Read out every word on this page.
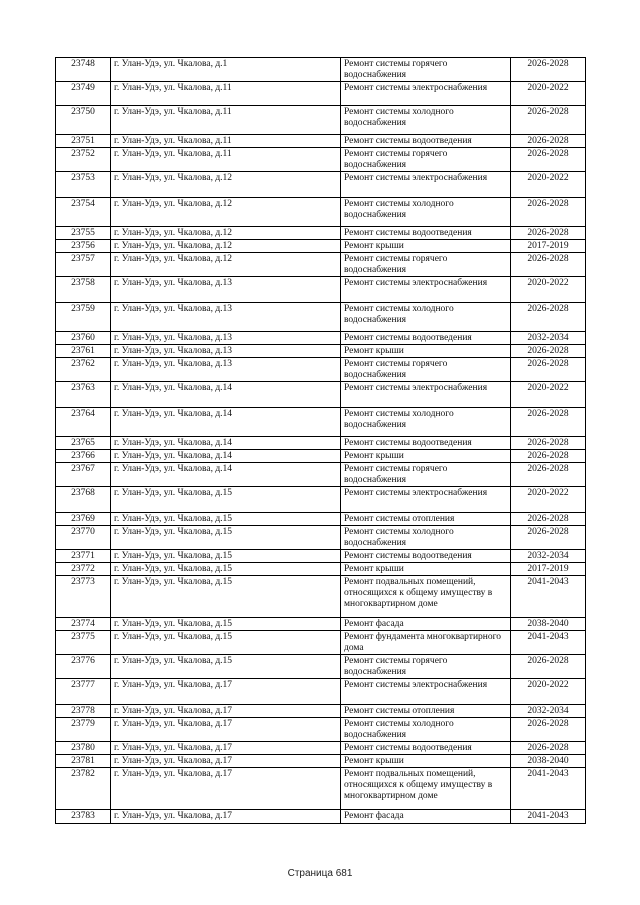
23748	г. Улан-Удэ, ул. Чкалова, д.1	Ремонт системы горячего водоснабжения	2026-2028
23749	г. Улан-Удэ, ул. Чкалова, д.11	Ремонт системы электроснабжения	2020-2022
23750	г. Улан-Удэ, ул. Чкалова, д.11	Ремонт системы холодного водоснабжения	2026-2028
23751	г. Улан-Удэ, ул. Чкалова, д.11	Ремонт системы водоотведения	2026-2028
23752	г. Улан-Удэ, ул. Чкалова, д.11	Ремонт системы горячего водоснабжения	2026-2028
23753	г. Улан-Удэ, ул. Чкалова, д.12	Ремонт системы электроснабжения	2020-2022
23754	г. Улан-Удэ, ул. Чкалова, д.12	Ремонт системы холодного водоснабжения	2026-2028
23755	г. Улан-Удэ, ул. Чкалова, д.12	Ремонт системы водоотведения	2026-2028
23756	г. Улан-Удэ, ул. Чкалова, д.12	Ремонт крыши	2017-2019
23757	г. Улан-Удэ, ул. Чкалова, д.12	Ремонт системы горячего водоснабжения	2026-2028
23758	г. Улан-Удэ, ул. Чкалова, д.13	Ремонт системы электроснабжения	2020-2022
23759	г. Улан-Удэ, ул. Чкалова, д.13	Ремонт системы холодного водоснабжения	2026-2028
23760	г. Улан-Удэ, ул. Чкалова, д.13	Ремонт системы водоотведения	2032-2034
23761	г. Улан-Удэ, ул. Чкалова, д.13	Ремонт крыши	2026-2028
23762	г. Улан-Удэ, ул. Чкалова, д.13	Ремонт системы горячего водоснабжения	2026-2028
23763	г. Улан-Удэ, ул. Чкалова, д.14	Ремонт системы электроснабжения	2020-2022
23764	г. Улан-Удэ, ул. Чкалова, д.14	Ремонт системы холодного водоснабжения	2026-2028
23765	г. Улан-Удэ, ул. Чкалова, д.14	Ремонт системы водоотведения	2026-2028
23766	г. Улан-Удэ, ул. Чкалова, д.14	Ремонт крыши	2026-2028
23767	г. Улан-Удэ, ул. Чкалова, д.14	Ремонт системы горячего водоснабжения	2026-2028
23768	г. Улан-Удэ, ул. Чкалова, д.15	Ремонт системы электроснабжения	2020-2022
23769	г. Улан-Удэ, ул. Чкалова, д.15	Ремонт системы отопления	2026-2028
23770	г. Улан-Удэ, ул. Чкалова, д.15	Ремонт системы холодного водоснабжения	2026-2028
23771	г. Улан-Удэ, ул. Чкалова, д.15	Ремонт системы водоотведения	2032-2034
23772	г. Улан-Удэ, ул. Чкалова, д.15	Ремонт крыши	2017-2019
23773	г. Улан-Удэ, ул. Чкалова, д.15	Ремонт подвальных помещений, относящихся к общему имуществу в многоквартирном доме	2041-2043
23774	г. Улан-Удэ, ул. Чкалова, д.15	Ремонт фасада	2038-2040
23775	г. Улан-Удэ, ул. Чкалова, д.15	Ремонт фундамента многоквартирного дома	2041-2043
23776	г. Улан-Удэ, ул. Чкалова, д.15	Ремонт системы горячего водоснабжения	2026-2028
23777	г. Улан-Удэ, ул. Чкалова, д.17	Ремонт системы электроснабжения	2020-2022
23778	г. Улан-Удэ, ул. Чкалова, д.17	Ремонт системы отопления	2032-2034
23779	г. Улан-Удэ, ул. Чкалова, д.17	Ремонт системы холодного водоснабжения	2026-2028
23780	г. Улан-Удэ, ул. Чкалова, д.17	Ремонт системы водоотведения	2026-2028
23781	г. Улан-Удэ, ул. Чкалова, д.17	Ремонт крыши	2038-2040
23782	г. Улан-Удэ, ул. Чкалова, д.17	Ремонт подвальных помещений, относящихся к общему имуществу в многоквартирном доме	2041-2043
23783	г. Улан-Удэ, ул. Чкалова, д.17	Ремонт фасада	2041-2043
Страница 681
